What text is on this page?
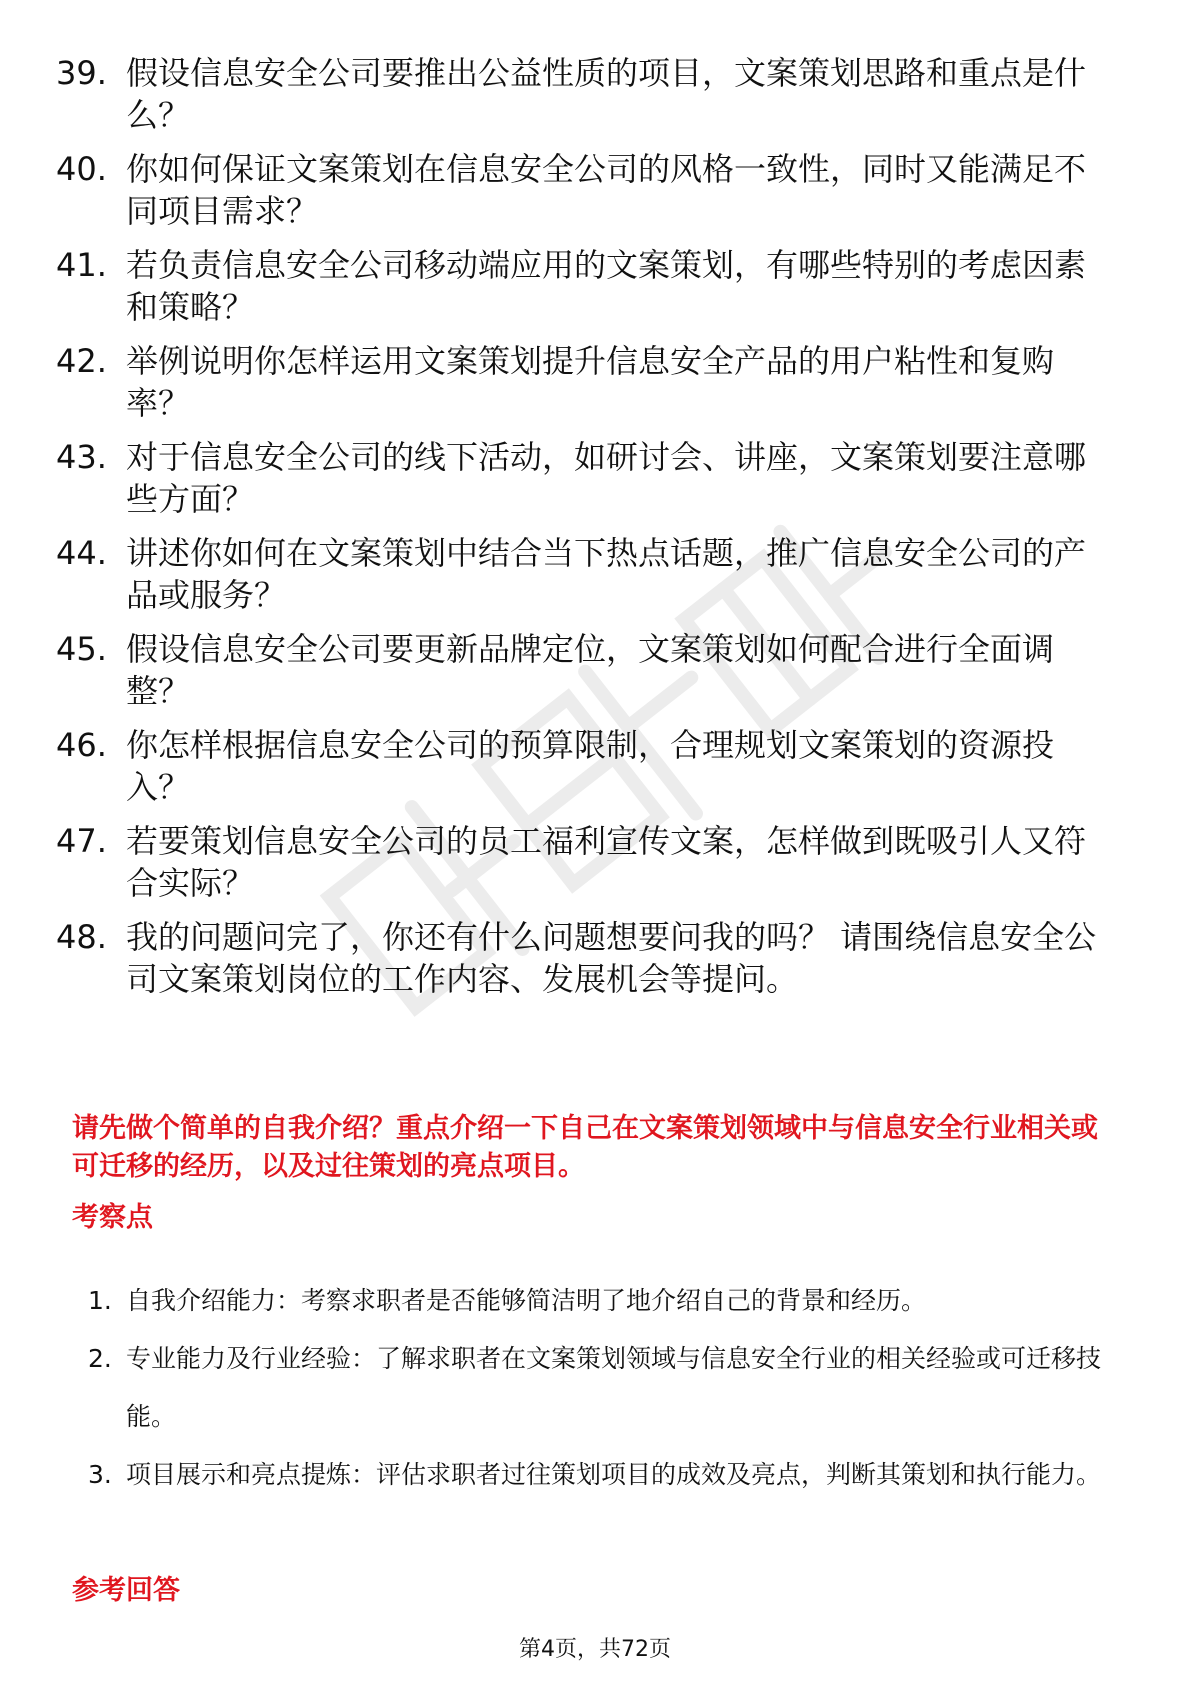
39. 假设信息安全公司要推出公益性质的项目，文案策划思路和重点是什么？
40. 你如何保证文案策划在信息安全公司的风格一致性，同时又能满足不同项目需求？
41. 若负责信息安全公司移动端应用的文案策划，有哪些特别的考虑因素和策略？
42. 举例说明你怎样运用文案策划提升信息安全产品的用户粘性和复购率？
43. 对于信息安全公司的线下活动，如研讨会、讲座，文案策划要注意哪些方面？
44. 讲述你如何在文案策划中结合当下热点话题，推广信息安全公司的产品或服务？
45. 假设信息安全公司要更新品牌定位，文案策划如何配合进行全面调整？
46. 你怎样根据信息安全公司的预算限制，合理规划文案策划的资源投入？
47. 若要策划信息安全公司的员工福利宣传文案，怎样做到既吸引人又符合实际？
48. 我的问题问完了，你还有什么问题想要问我的吗？ 请围绕信息安全公司文案策划岗位的工作内容、发展机会等提问。
请先做个简单的自我介绍？重点介绍一下自己在文案策划领域中与信息安全行业相关或可迁移的经历，以及过往策划的亮点项目。
考察点
1. 自我介绍能力：考察求职者是否能够简洁明了地介绍自己的背景和经历。
2. 专业能力及行业经验：了解求职者在文案策划领域与信息安全行业的相关经验或可迁移技能。
3. 项目展示和亮点提炼：评估求职者过往策划项目的成效及亮点，判断其策划和执行能力。
参考回答
第4页，共72页
